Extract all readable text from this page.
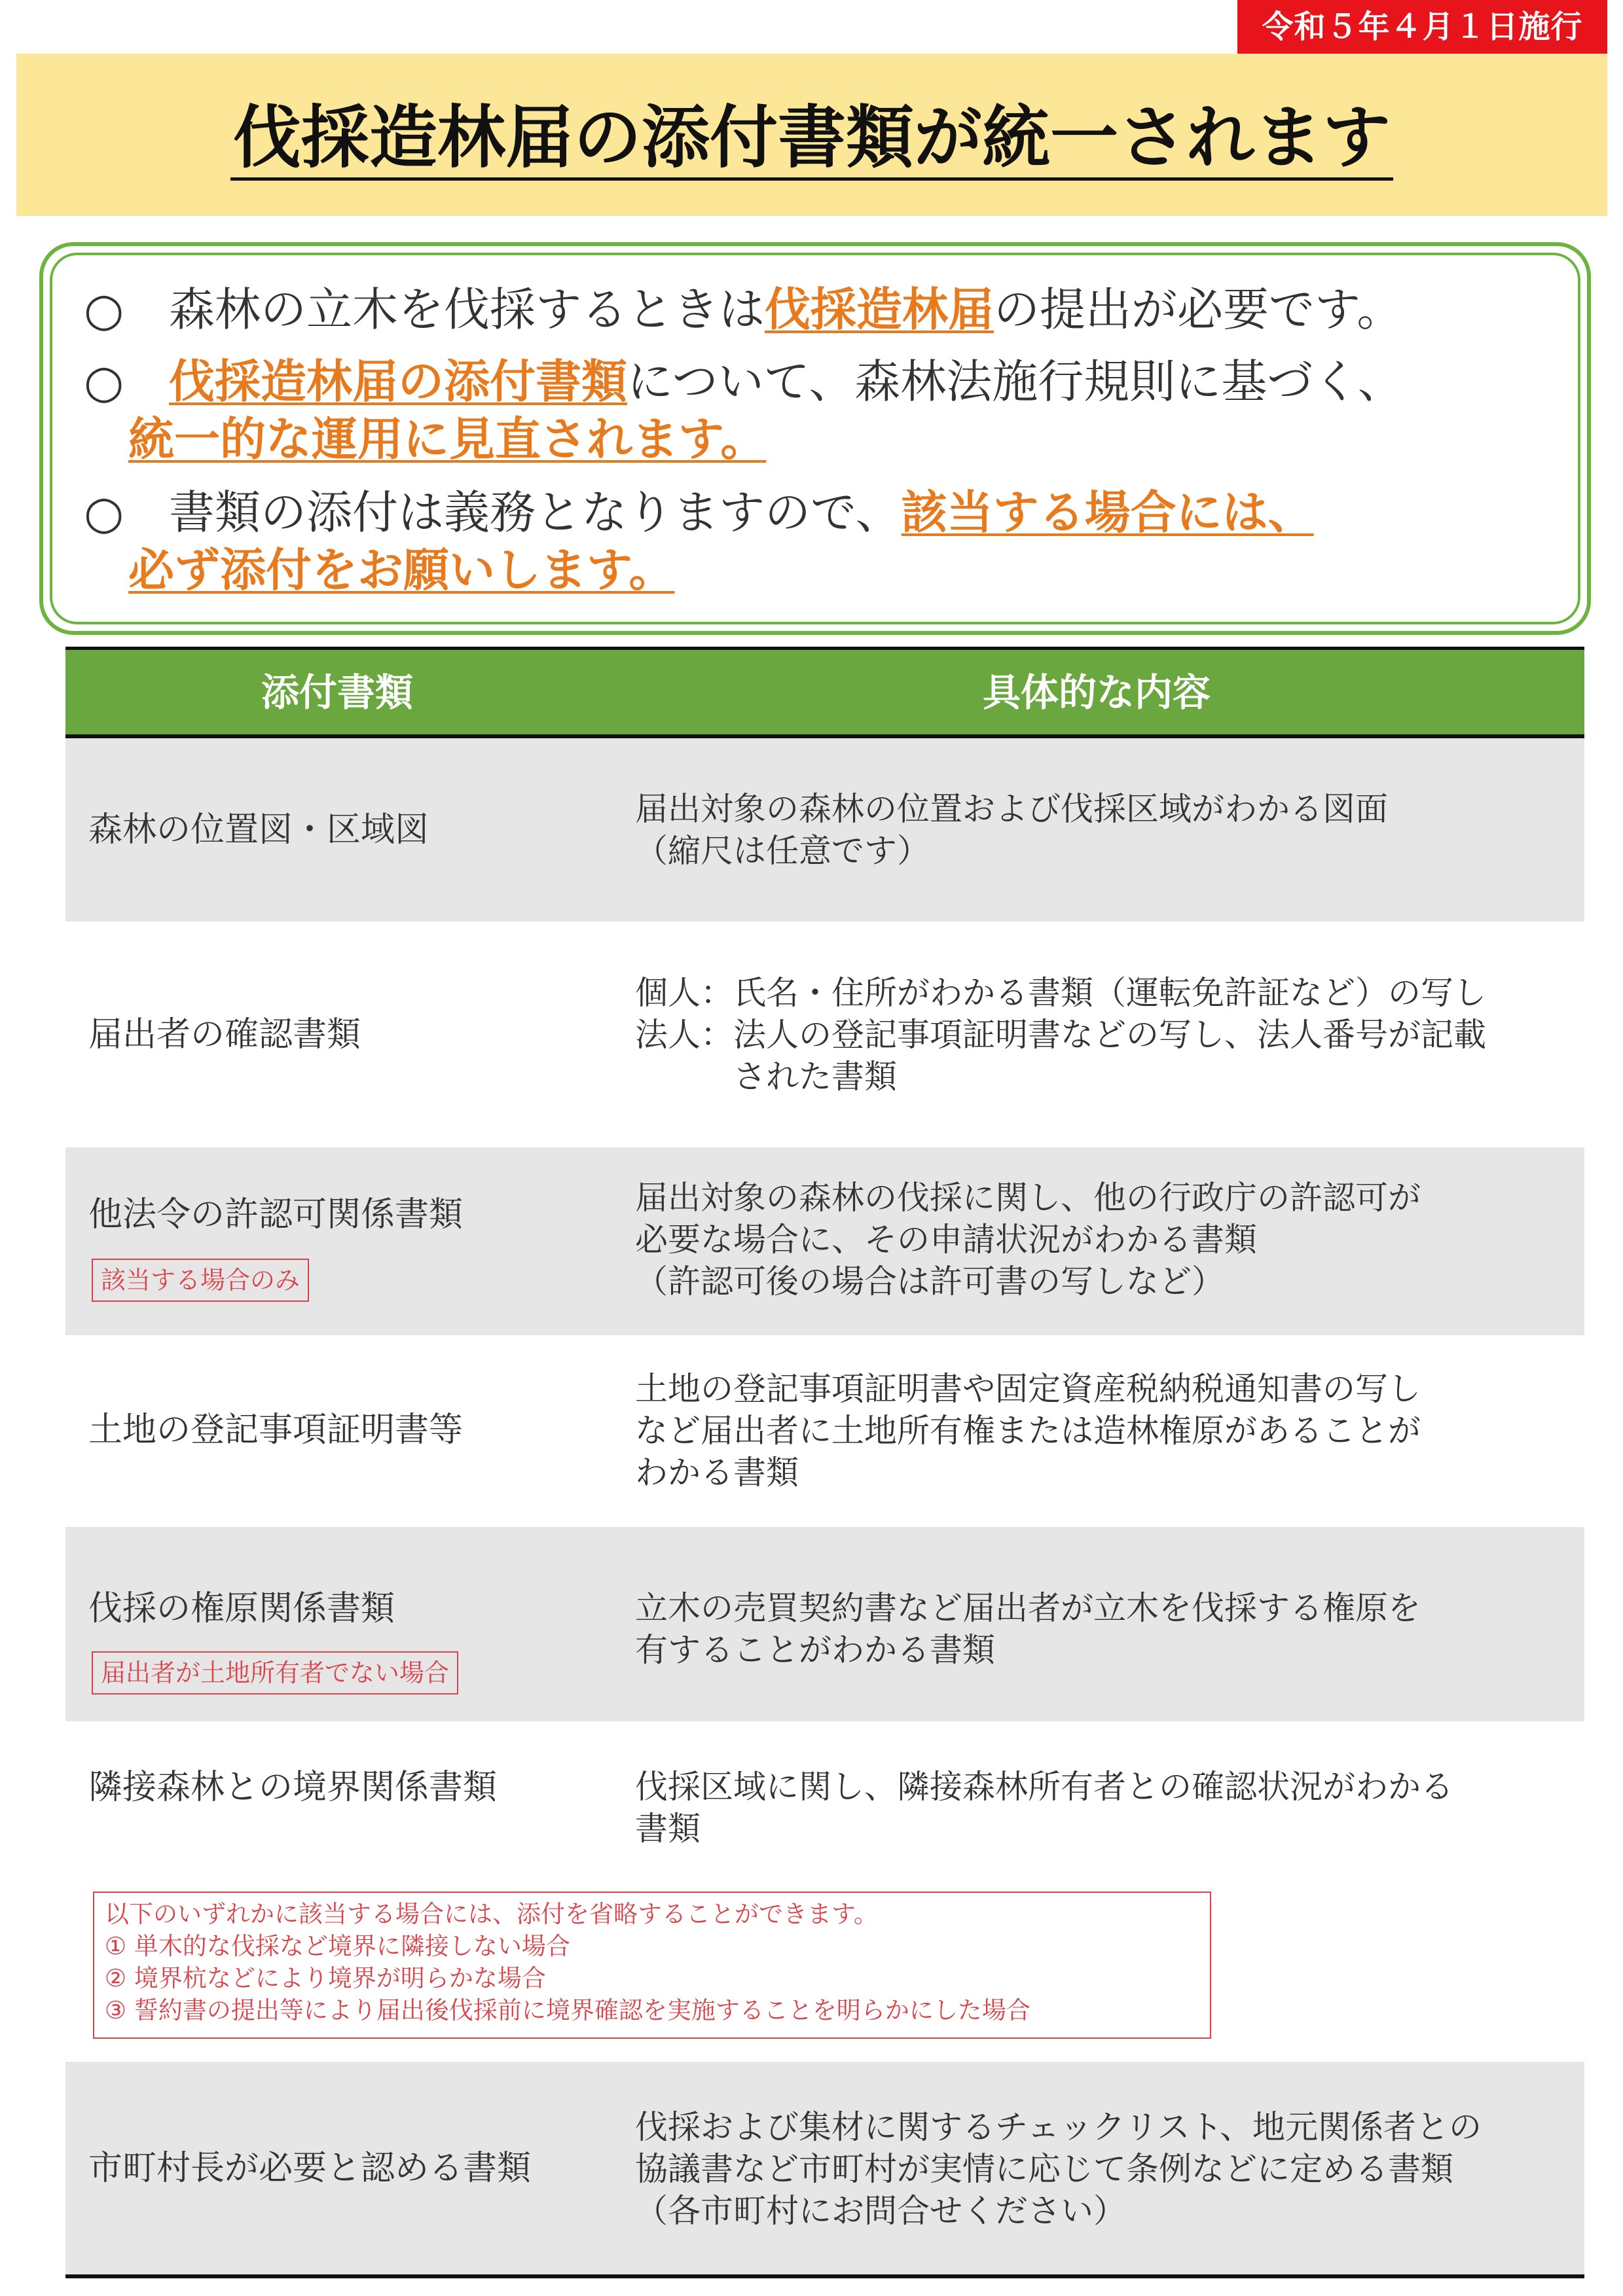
令和５年４月１日施行
伐採造林届の添付書類が統一されます
○ 森林の立木を伐採するときは伐採造林届の提出が必要です。
○ 伐採造林届の添付書類について、森林法施行規則に基づく、
統一的な運用に見直されます。
○ 書類の添付は義務となりますので、該当する場合には、
必ず添付をお願いします。
添付書類	具体的な内容
森林の位置図・区域図
届出対象の森林の位置および伐採区域がわかる図面
（縮尺は任意です）
届出者の確認書類
個人：氏名・住所がわかる書類（運転免許証など）の写し
法人：法人の登記事項証明書などの写し、法人番号が記載
　　　された書類
他法令の許認可関係書類
該当する場合のみ
届出対象の森林の伐採に関し、他の行政庁の許認可が
必要な場合に、その申請状況がわかる書類
（許認可後の場合は許可書の写しなど）
土地の登記事項証明書等
土地の登記事項証明書や固定資産税納税通知書の写し
など届出者に土地所有権または造林権原があることが
わかる書類
伐採の権原関係書類
届出者が土地所有者でない場合
立木の売買契約書など届出者が立木を伐採する権原を
有することがわかる書類
隣接森林との境界関係書類	伐採区域に関し、隣接森林所有者との確認状況がわかる
書類
以下のいずれかに該当する場合には、添付を省略することができます。
① 単木的な伐採など境界に隣接しない場合
② 境界杭などにより境界が明らかな場合
③ 誓約書の提出等により届出後伐採前に境界確認を実施することを明らかにした場合
市町村長が必要と認める書類
伐採および集材に関するチェックリスト、地元関係者との
協議書など市町村が実情に応じて条例などに定める書類
（各市町村にお問合せください）
